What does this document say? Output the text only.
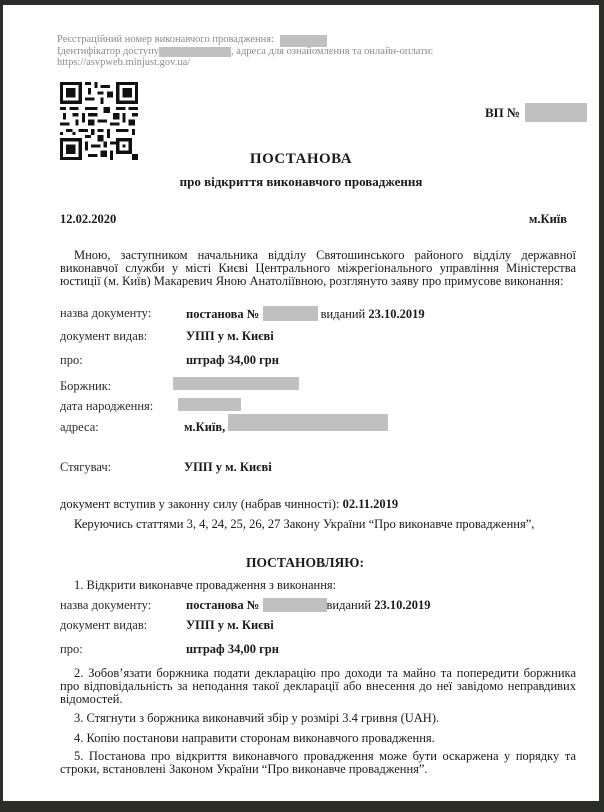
Реєстраційний номер виконавчого провадження:
Ідентифікатор доступу	, адреса для ознайомлення та онлайн-оплати:
https://asvpweb.minjust.gov.ua/
ВП №
ПОСТАНОВА
про відкриття виконавчого провадження
12.02.2020	м.Київ
Мною, заступником начальника відділу Святошинського районого відділу державної виконавчої служби у місті Києві Центрального міжрегіонального управління Міністерства юстиції (м. Київ) Макаревич Яною Анатоліївною, розглянуто заяву про примусове виконання:
назва документу:	постанова №	виданий 23.10.2019
документ видав:	УПП у м. Києві
про:	штраф 34,00 грн
Боржник:
дата народження:
адреса:	м.Київ,
Стягувач:	УПП у м. Києві
документ вступив у законну силу (набрав чинності): 02.11.2019
Керуючись статтями 3, 4, 24, 25, 26, 27 Закону України “Про виконавче провадження”,
ПОСТАНОВЛЯЮ:
1. Відкрити виконавче провадження з виконання:
назва документу:	постанова №	виданий 23.10.2019
документ видав:	УПП у м. Києві
про:	штраф 34,00 грн
2. Зобов’язати боржника подати декларацію про доходи та майно та попередити боржника про відповідальність за неподання такої декларації або внесення до неї завідомо неправдивих відомостей.
3. Стягнути з боржника виконавчий збір у розмірі 3.4 гривня (UAH).
4. Копію постанови направити сторонам виконавчого провадження.
5. Постанова про відкриття виконавчого провадження може бути оскаржена у порядку та строки, встановлені Законом України “Про виконавче провадження”.
